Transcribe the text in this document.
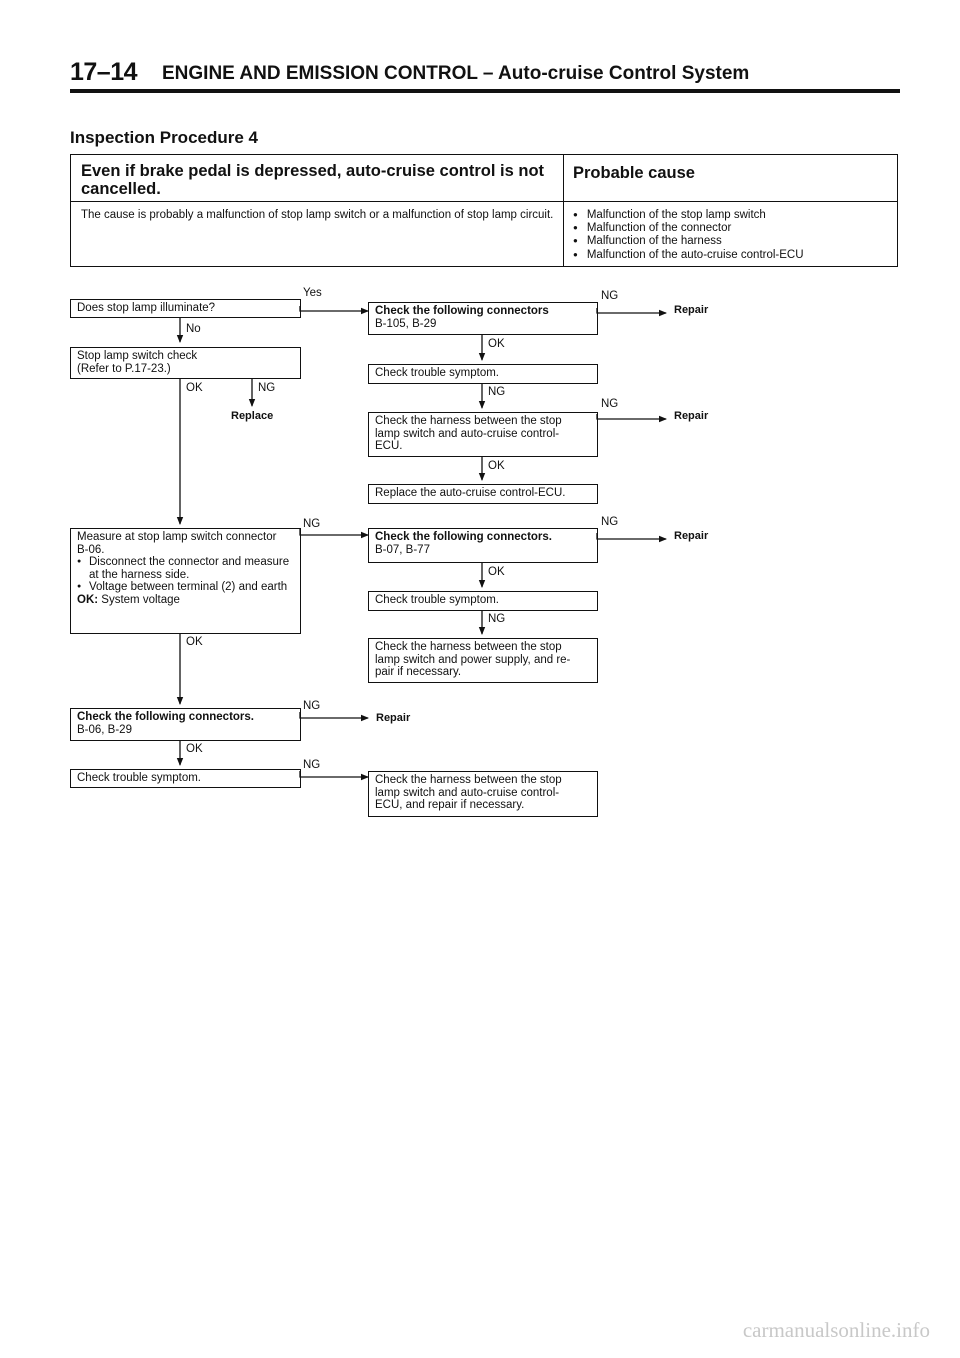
17–14 ENGINE AND EMISSION CONTROL – Auto-cruise Control System
Inspection Procedure 4
Even if brake pedal is depressed, auto-cruise control is not cancelled.
Probable cause
The cause is probably a malfunction of stop lamp switch or a malfunction of stop lamp circuit.
●	Malfunction of the stop lamp switch
● Malfunction of the connector
● Malfunction of the harness
● Malfunction of the auto-cruise control-ECU
Does stop lamp illuminate?
Stop lamp switch check
(Refer to P.17-23.)
Check the following connectors
B-105, B-29
Check trouble symptom.
Check the harness between the stop
lamp switch and auto-cruise control-
ECU.
Replace the auto-cruise control-ECU.
Measure at stop lamp switch connector
B-06.
● Disconnect the connector and measure at the harness side.
● Voltage between terminal (2) and earth
OK: System voltage
Check the following connectors.
B-07, B-77
Check trouble symptom.
Check the harness between the stop
lamp switch and power supply, and re-
pair if necessary.
Check the following connectors.
B-06, B-29
Check trouble symptom.	Check the harness between the stop
lamp switch and auto-cruise control-
ECU, and repair if necessary.
Yes
No
OK	NG
Replace
NG
Repair
OK
NG
NG
Repair
OK
NG	NG
Repair
OK
NG
OK
NG
Repair
OK
NG
carmanualsonline.info
